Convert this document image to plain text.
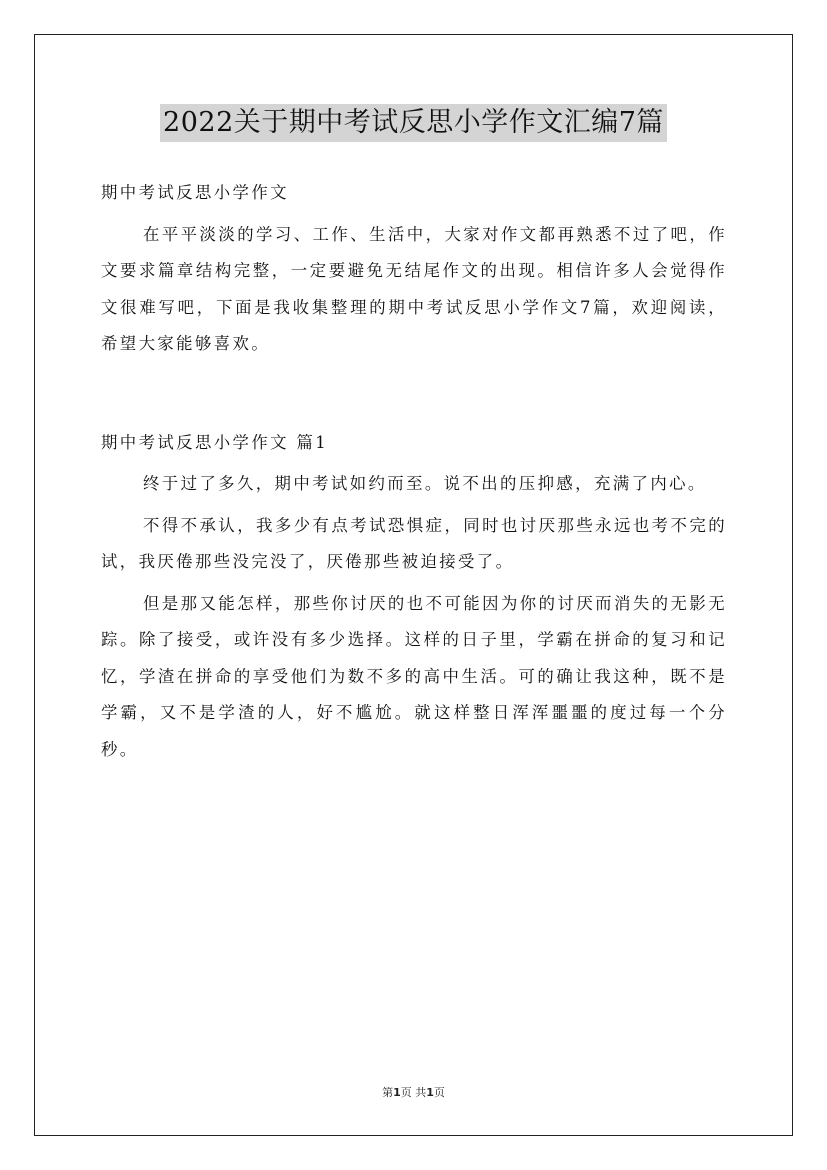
2022关于期中考试反思小学作文汇编7篇

期中考试反思小学作文

在平平淡淡的学习、工作、生活中，大家对作文都再熟悉不过了吧，作文要求篇章结构完整，一定要避免无结尾作文的出现。相信许多人会觉得作文很难写吧，下面是我收集整理的期中考试反思小学作文7篇，欢迎阅读，希望大家能够喜欢。

期中考试反思小学作文 篇1

终于过了多久，期中考试如约而至。说不出的压抑感，充满了内心。

不得不承认，我多少有点考试恐惧症，同时也讨厌那些永远也考不完的试，我厌倦那些没完没了，厌倦那些被迫接受了。

但是那又能怎样，那些你讨厌的也不可能因为你的讨厌而消失的无影无踪。除了接受，或许没有多少选择。这样的日子里，学霸在拼命的复习和记忆，学渣在拼命的享受他们为数不多的高中生活。可的确让我这种，既不是学霸，又不是学渣的人，好不尴尬。就这样整日浑浑噩噩的度过每一个分秒。

第1页 共1页
